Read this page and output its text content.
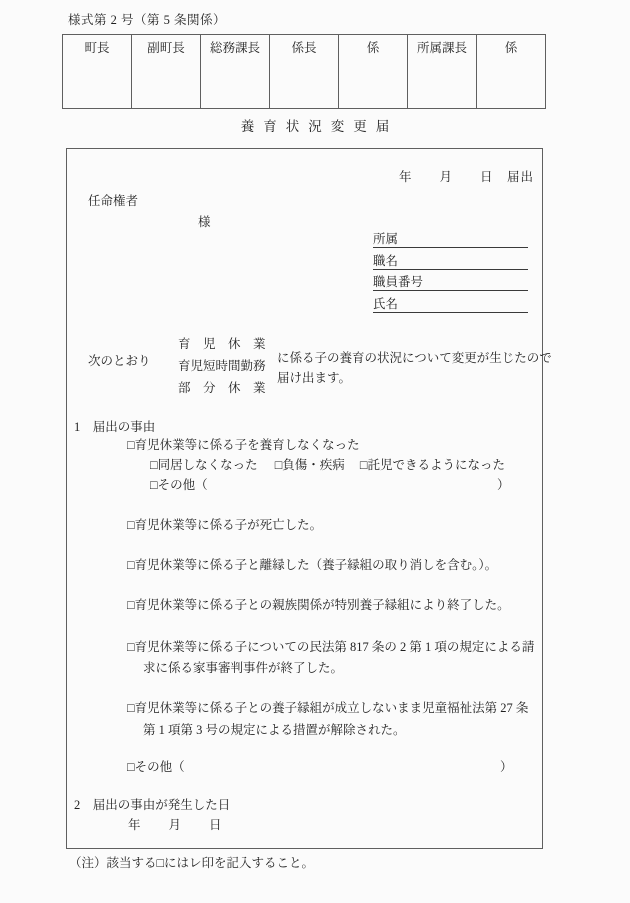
様式第 2 号（第 5 条関係）
町長	副町長	総務課長	係長	係	所属課長	係
養育状況変更届
年　　月　　日　届出
任命権者
様
所属
職名
職員番号
氏名
次のとおり
育　児　休　業
育児短時間勤務
部　分　休　業
に係る子の養育の状況について変更が生じたので
届け出ます。
1　届出の事由
□育児休業等に係る子を養育しなくなった
□同居しなくなった □負傷・疾病 □託児できるようになった
□その他（	）
□育児休業等に係る子が死亡した。
□育児休業等に係る子と離縁した（養子縁組の取り消しを含む。）。
□育児休業等に係る子との親族関係が特別養子縁組により終了した。
□育児休業等に係る子についての民法第 817 条の 2 第 1 項の規定による請
求に係る家事審判事件が終了した。
□育児休業等に係る子との養子縁組が成立しないまま児童福祉法第 27 条
第 1 項第 3 号の規定による措置が解除された。
□その他（	）
2　届出の事由が発生した日
年　　月　　日
（注）該当する□にはレ印を記入すること。
